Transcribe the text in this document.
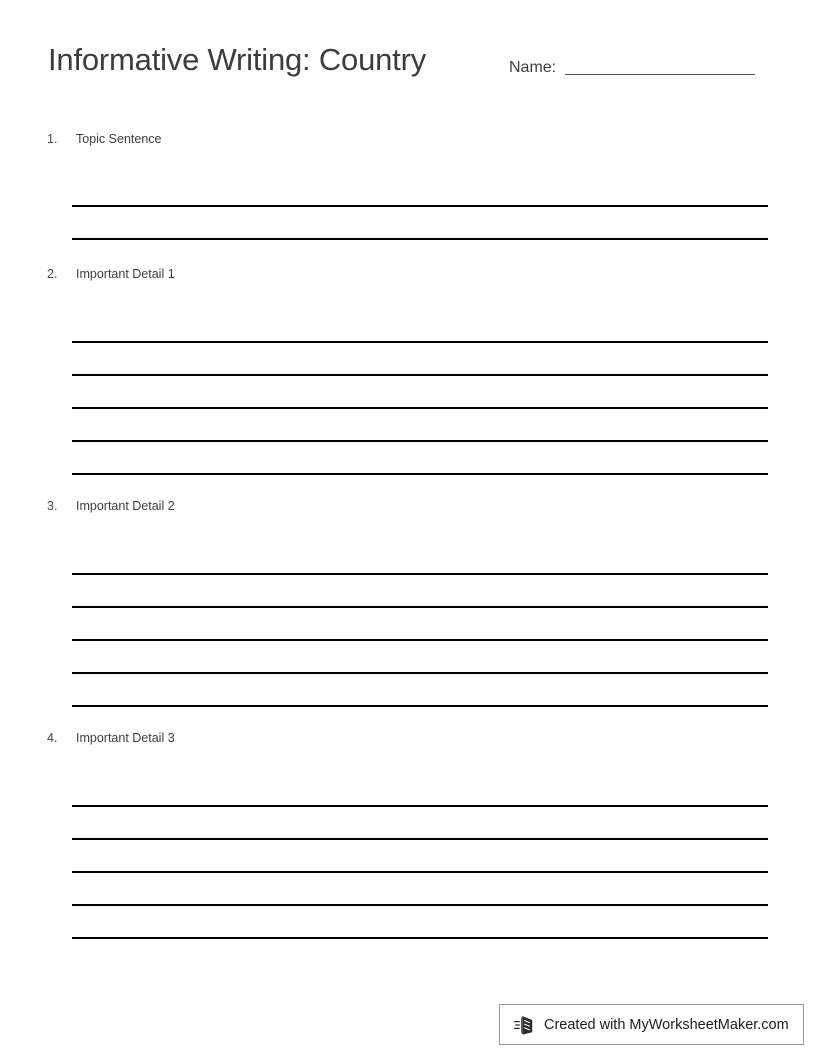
Informative Writing: Country	Name:
1.	Topic Sentence
2.	Important Detail 1
3.	Important Detail 2
4.	Important Detail 3
Created with MyWorksheetMaker.com
